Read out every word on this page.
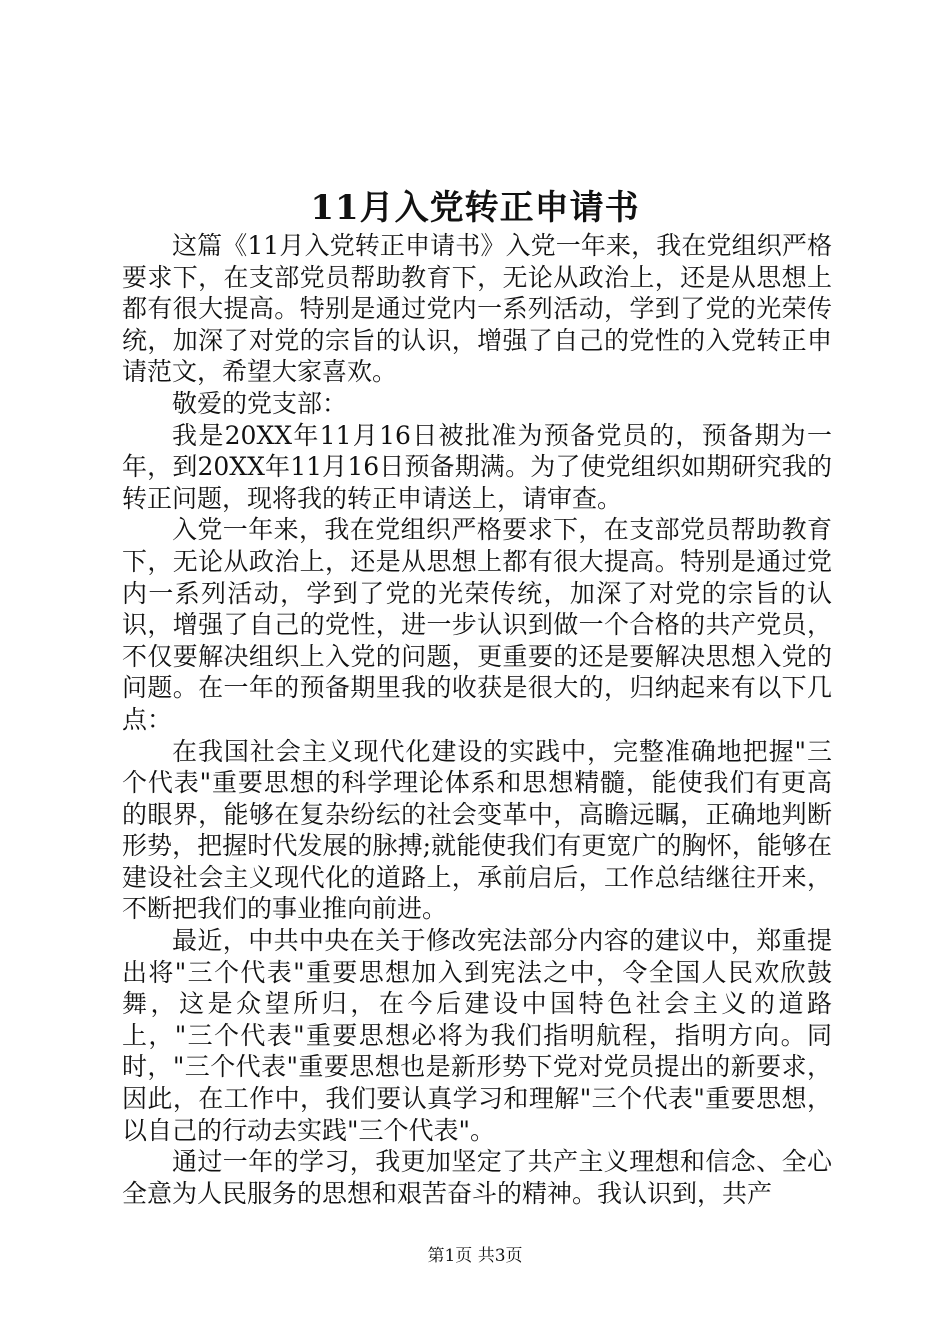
11月入党转正申请书

这篇《11月入党转正申请书》入党一年来，我在党组织严格要求下，在支部党员帮助教育下，无论从政治上，还是从思想上都有很大提高。特别是通过党内一系列活动，学到了党的光荣传统，加深了对党的宗旨的认识，增强了自己的党性的入党转正申请范文，希望大家喜欢。

敬爱的党支部：

我是20XX年11月16日被批准为预备党员的，预备期为一年，到20XX年11月16日预备期满。为了使党组织如期研究我的转正问题，现将我的转正申请送上，请审查。

入党一年来，我在党组织严格要求下，在支部党员帮助教育下，无论从政治上，还是从思想上都有很大提高。特别是通过党内一系列活动，学到了党的光荣传统，加深了对党的宗旨的认识，增强了自己的党性，进一步认识到做一个合格的共产党员，不仅要解决组织上入党的问题，更重要的还是要解决思想入党的问题。在一年的预备期里我的收获是很大的，归纳起来有以下几点：

在我国社会主义现代化建设的实践中，完整准确地把握"三个代表"重要思想的科学理论体系和思想精髓，能使我们有更高的眼界，能够在复杂纷纭的社会变革中，高瞻远瞩，正确地判断形势，把握时代发展的脉搏;就能使我们有更宽广的胸怀，能够在建设社会主义现代化的道路上，承前启后，工作总结继往开来，不断把我们的事业推向前进。

最近，中共中央在关于修改宪法部分内容的建议中，郑重提出将"三个代表"重要思想加入到宪法之中，令全国人民欢欣鼓舞，这是众望所归，在今后建设中国特色社会主义的道路上，"三个代表"重要思想必将为我们指明航程，指明方向。同时，"三个代表"重要思想也是新形势下党对党员提出的新要求，因此，在工作中，我们要认真学习和理解"三个代表"重要思想，以自己的行动去实践"三个代表"。

通过一年的学习，我更加坚定了共产主义理想和信念、全心全意为人民服务的思想和艰苦奋斗的精神。我认识到，共产

第1页 共3页
